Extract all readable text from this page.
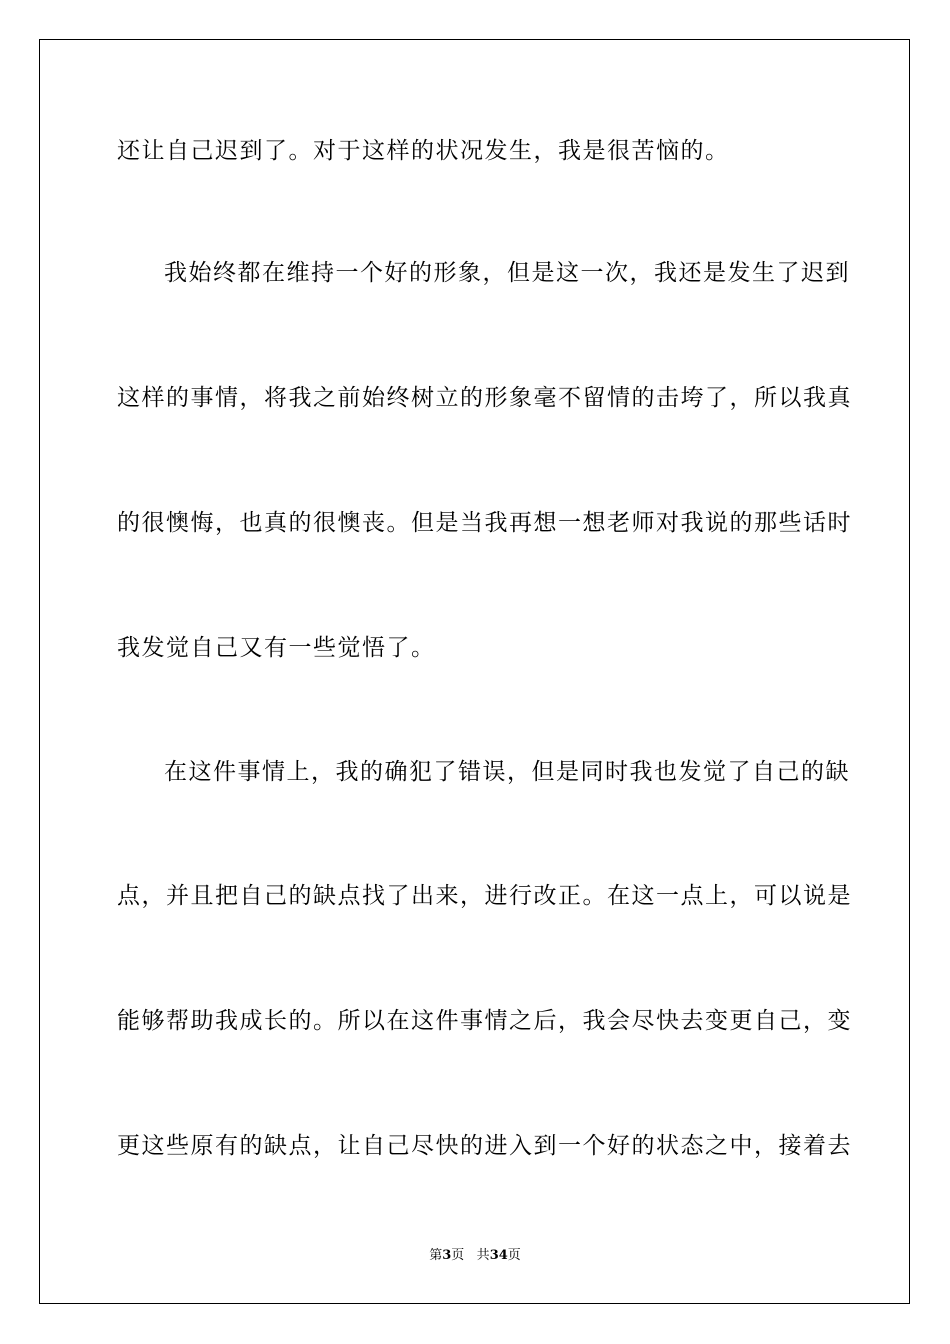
还让自己迟到了。对于这样的状况发生，我是很苦恼的。
我始终都在维持一个好的形象，但是这一次，我还是发生了迟到
这样的事情，将我之前始终树立的形象毫不留情的击垮了，所以我真
的很懊悔，也真的很懊丧。但是当我再想一想老师对我说的那些话时
我发觉自己又有一些觉悟了。
在这件事情上，我的确犯了错误，但是同时我也发觉了自己的缺
点，并且把自己的缺点找了出来，进行改正。在这一点上，可以说是
能够帮助我成长的。所以在这件事情之后，我会尽快去变更自己，变
更这些原有的缺点，让自己尽快的进入到一个好的状态之中，接着去
第3页 共34页
